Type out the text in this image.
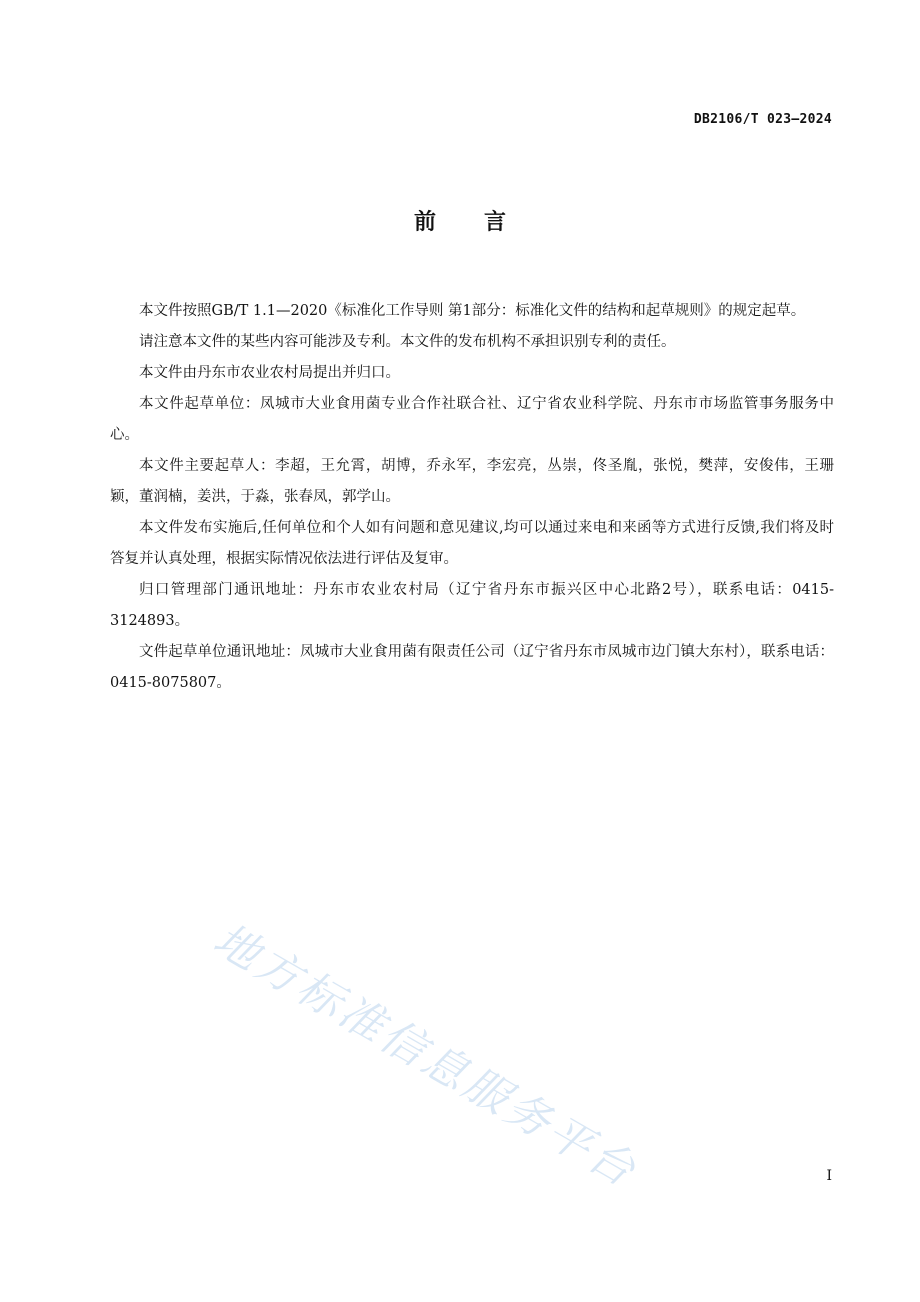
DB2106/T 023—2024
前言

本文件按照GB/T 1.1—2020《标准化工作导则 第1部分：标准化文件的结构和起草规则》的规定起草。

请注意本文件的某些内容可能涉及专利。本文件的发布机构不承担识别专利的责任。

本文件由丹东市农业农村局提出并归口。

本文件起草单位：凤城市大业食用菌专业合作社联合社、辽宁省农业科学院、丹东市市场监管事务服务中心。

本文件主要起草人：李超，王允霄，胡博，乔永军，李宏亮，丛崇，佟圣胤，张悦，樊萍，安俊伟，王珊颖，董润楠，姜洪，于淼，张春凤，郭学山。

本文件发布实施后,任何单位和个人如有问题和意见建议,均可以通过来电和来函等方式进行反馈,我们将及时答复并认真处理，根据实际情况依法进行评估及复审。

归口管理部门通讯地址：丹东市农业农村局（辽宁省丹东市振兴区中心北路2号），联系电话：0415-3124893。

文件起草单位通讯地址：凤城市大业食用菌有限责任公司（辽宁省丹东市凤城市边门镇大东村），联系电话：0415-8075807。

地方标准信息服务平台	I
